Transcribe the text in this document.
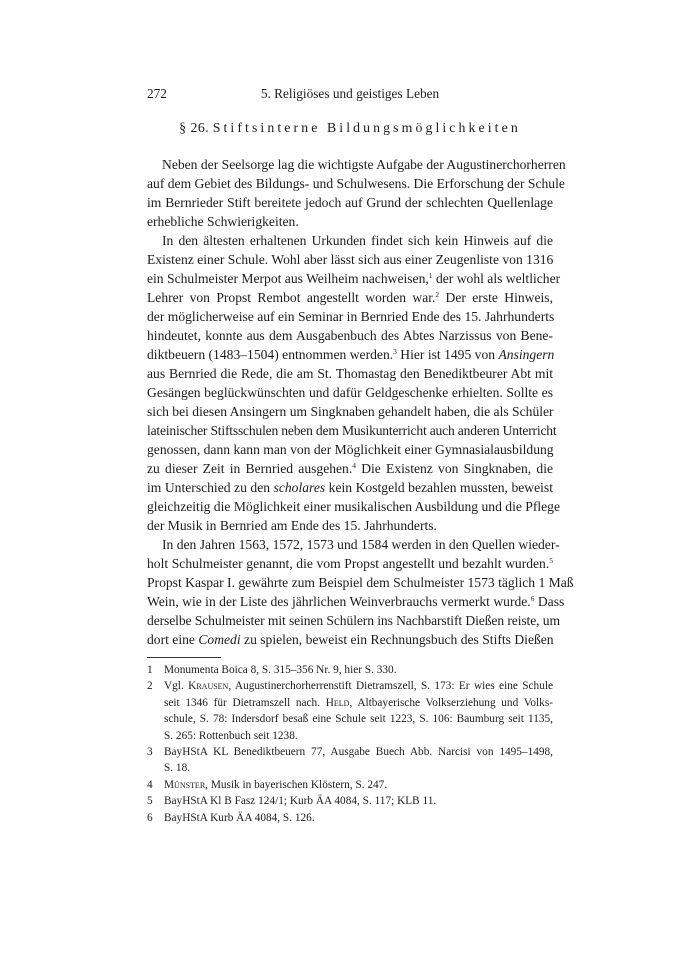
272	5. Religiöses und geistiges Leben
§ 26. Stiftsinterne Bildungsmöglichkeiten

Neben der Seelsorge lag die wichtigste Aufgabe der Augustinerchorherren
auf dem Gebiet des Bildungs- und Schulwesens. Die Erforschung der Schule
im Bernrieder Stift bereitete jedoch auf Grund der schlechten Quellenlage
erhebliche Schwierigkeiten.

In den ältesten erhaltenen Urkunden findet sich kein Hinweis auf die
Existenz einer Schule. Wohl aber lässt sich aus einer Zeugenliste von 1316
ein Schulmeister Merpot aus Weilheim nachweisen,$^1$ der wohl als weltlicher
Lehrer von Propst Rembot angestellt worden war.$^2$ Der erste Hinweis,
der möglicherweise auf ein Seminar in Bernried Ende des 15. Jahrhunderts
hindeutet, konnte aus dem Ausgabenbuch des Abtes Narzissus von Bene-
diktbeuern (1483–1504) entnommen werden.$^3$ Hier ist 1495 von Ansingern
aus Bernried die Rede, die am St. Thomastag den Benediktbeurer Abt mit
Gesängen beglückwünschten und dafür Geldgeschenke erhielten. Sollte es
sich bei diesen Ansingern um Singknaben gehandelt haben, die als Schüler
lateinischer Stiftsschulen neben dem Musikunterricht auch anderen Unterricht
genossen, dann kann man von der Möglichkeit einer Gymnasialausbildung
zu dieser Zeit in Bernried ausgehen.$^4$ Die Existenz von Singknaben, die
im Unterschied zu den scholares kein Kostgeld bezahlen mussten, beweist
gleichzeitig die Möglichkeit einer musikalischen Ausbildung und die Pflege
der Musik in Bernried am Ende des 15. Jahrhunderts.

In den Jahren 1563, 1572, 1573 und 1584 werden in den Quellen wieder-
holt Schulmeister genannt, die vom Propst angestellt und bezahlt wurden.$^5$
Propst Kaspar I. gewährte zum Beispiel dem Schulmeister 1573 täglich 1 Maß
Wein, wie in der Liste des jährlichen Weinverbrauchs vermerkt wurde.$^6$ Dass
derselbe Schulmeister mit seinen Schülern ins Nachbarstift Dießen reiste, um
dort eine Comedi zu spielen, beweist ein Rechnungsbuch des Stifts Dießen

1 Monumenta Boica 8, S. 315–356 Nr. 9, hier S. 330.
2 Vgl. Krausen, Augustinerchorherrenstift Dietramszell, S. 173: Er wies eine Schule
seit 1346 für Dietramszell nach. Held, Altbayerische Volkserziehung und Volks-
schule, S. 78: Indersdorf besaß eine Schule seit 1223, S. 106: Baumburg seit 1135,
S. 265: Rottenbuch seit 1238.
3 BayHStA KL Benediktbeuern 77, Ausgabe Buech Abb. Narcisi von 1495–1498,
S. 18.
4 Münster, Musik in bayerischen Klöstern, S. 247.
5 BayHStA Kl B Fasz 124/1; Kurb ÄA 4084, S. 117; KLB 11.
6 BayHStA Kurb ÄA 4084, S. 126.
